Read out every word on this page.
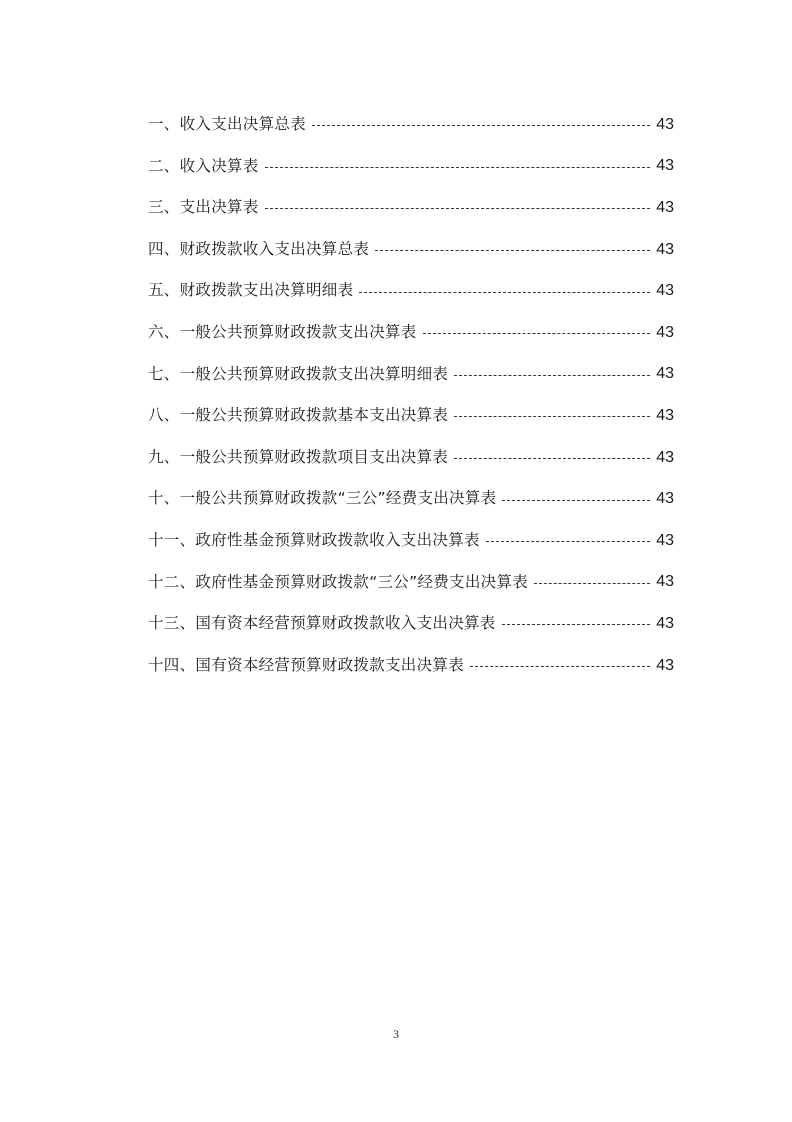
一、收入支出决算总表	43
二、收入决算表	43
三、支出决算表	43
四、财政拨款收入支出决算总表	43
五、财政拨款支出决算明细表	43
六、一般公共预算财政拨款支出决算表	43
七、一般公共预算财政拨款支出决算明细表	43
八、一般公共预算财政拨款基本支出决算表	43
九、一般公共预算财政拨款项目支出决算表	43
十、一般公共预算财政拨款“三公”经费支出决算表	43
十一、政府性基金预算财政拨款收入支出决算表	43
十二、政府性基金预算财政拨款“三公”经费支出决算表	43
十三、国有资本经营预算财政拨款收入支出决算表	43
十四、国有资本经营预算财政拨款支出决算表	43
3
